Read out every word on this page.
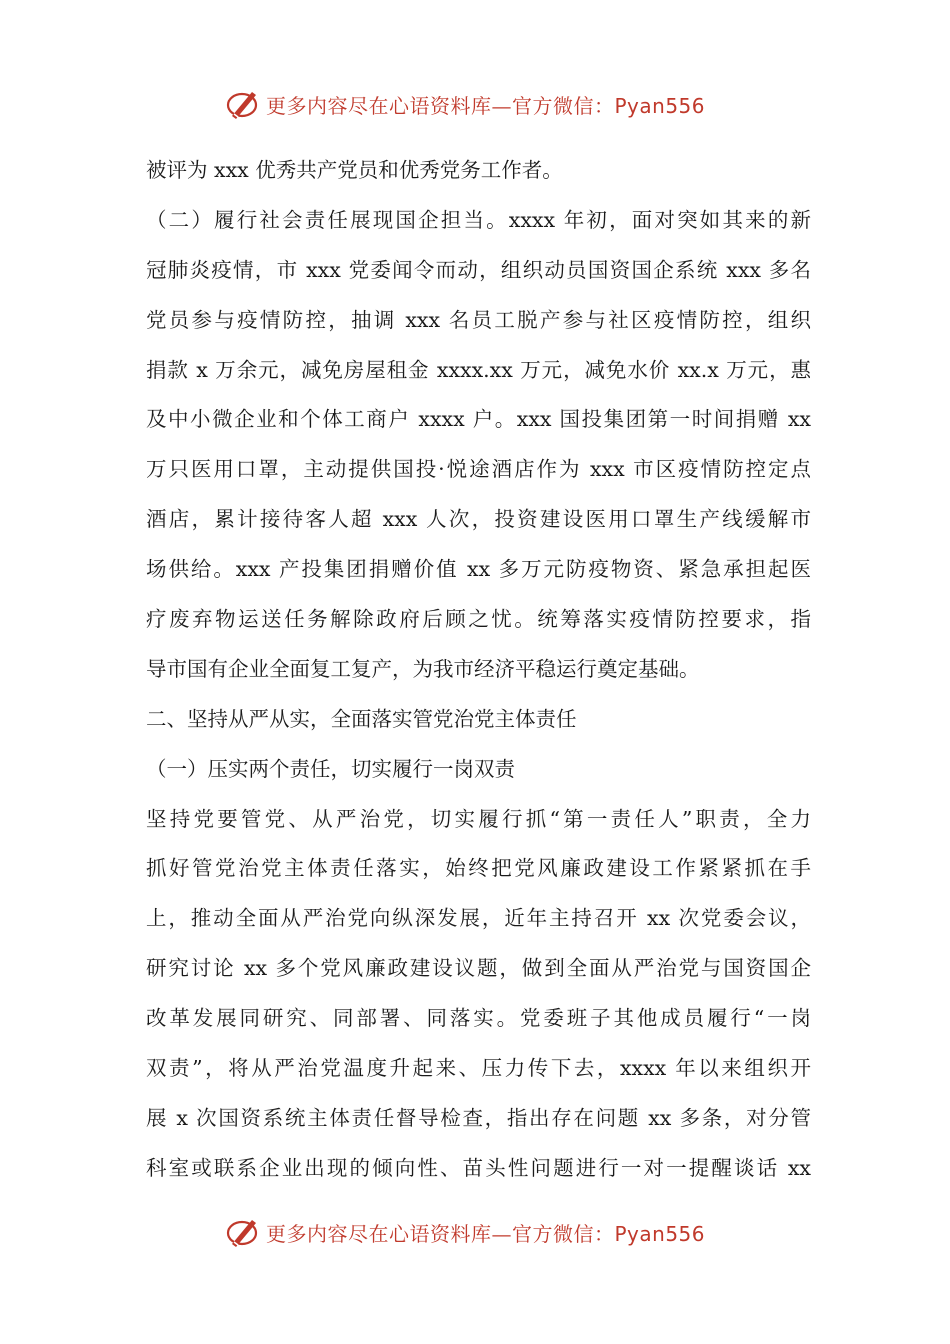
更多内容尽在心语资料库—官方微信：Pyan556
被评为 xxx 优秀共产党员和优秀党务工作者。
（二）履行社会责任展现国企担当。xxxx 年初，面对突如其来的新
冠肺炎疫情，市 xxx 党委闻令而动，组织动员国资国企系统 xxx 多名
党员参与疫情防控，抽调 xxx 名员工脱产参与社区疫情防控，组织
捐款 x 万余元，减免房屋租金 xxxx.xx 万元，减免水价 xx.x 万元，惠
及中小微企业和个体工商户 xxxx 户。xxx 国投集团第一时间捐赠 xx
万只医用口罩，主动提供国投·悦途酒店作为 xxx 市区疫情防控定点
酒店，累计接待客人超 xxx 人次，投资建设医用口罩生产线缓解市
场供给。xxx 产投集团捐赠价值 xx 多万元防疫物资、紧急承担起医
疗废弃物运送任务解除政府后顾之忧。统筹落实疫情防控要求，指
导市国有企业全面复工复产，为我市经济平稳运行奠定基础。
二、坚持从严从实，全面落实管党治党主体责任
（一）压实两个责任，切实履行一岗双责
坚持党要管党、从严治党，切实履行抓“第一责任人”职责，全力
抓好管党治党主体责任落实，始终把党风廉政建设工作紧紧抓在手
上，推动全面从严治党向纵深发展，近年主持召开 xx 次党委会议，
研究讨论 xx 多个党风廉政建设议题，做到全面从严治党与国资国企
改革发展同研究、同部署、同落实。党委班子其他成员履行“一岗
双责”，将从严治党温度升起来、压力传下去，xxxx 年以来组织开
展 x 次国资系统主体责任督导检查，指出存在问题 xx 多条，对分管
科室或联系企业出现的倾向性、苗头性问题进行一对一提醒谈话 xx
更多内容尽在心语资料库—官方微信：Pyan556
